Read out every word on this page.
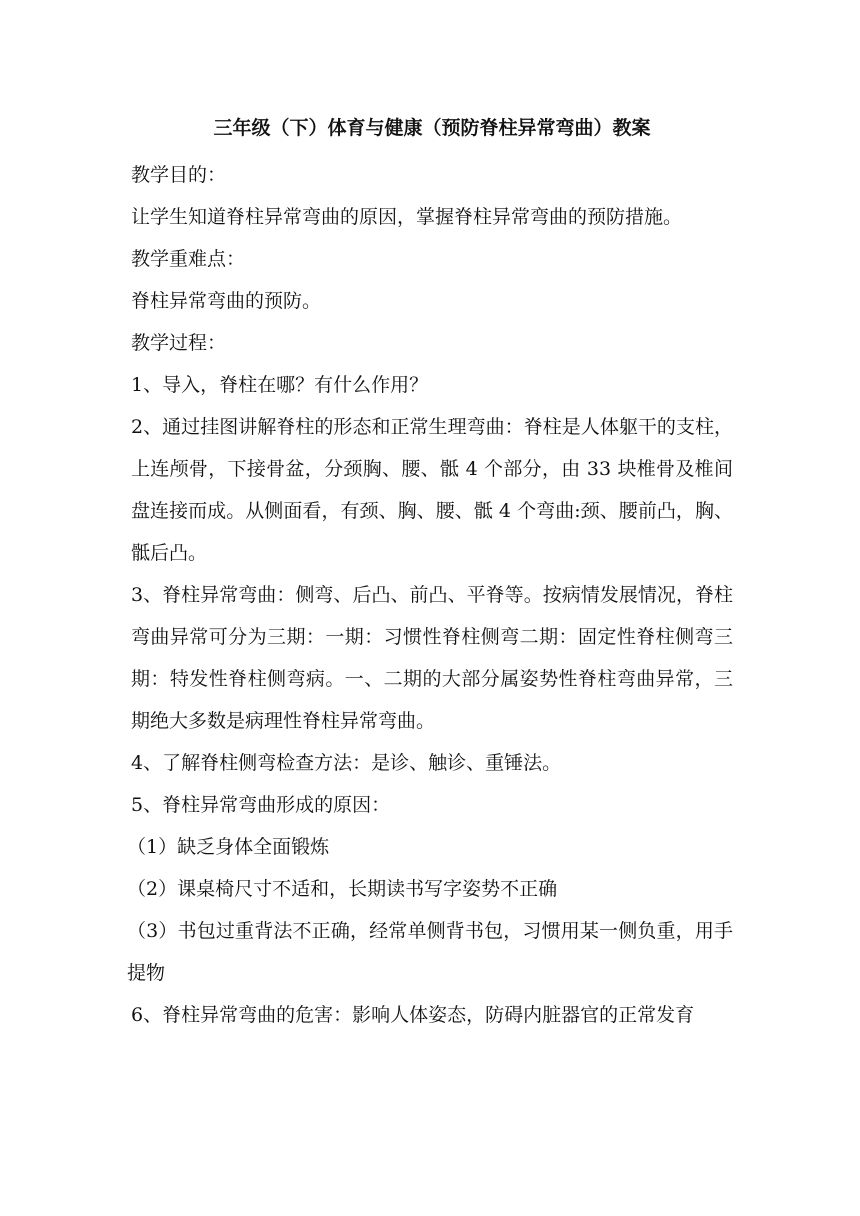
三年级（下）体育与健康（预防脊柱异常弯曲）教案

教学目的：

让学生知道脊柱异常弯曲的原因，掌握脊柱异常弯曲的预防措施。

教学重难点：

脊柱异常弯曲的预防。

教学过程：

1、导入，脊柱在哪？有什么作用？

2、通过挂图讲解脊柱的形态和正常生理弯曲：脊柱是人体躯干的支柱，上连颅骨，下接骨盆，分颈胸、腰、骶 4 个部分，由 33 块椎骨及椎间盘连接而成。从侧面看，有颈、胸、腰、骶 4 个弯曲:颈、腰前凸，胸、骶后凸。

3、脊柱异常弯曲：侧弯、后凸、前凸、平脊等。按病情发展情况，脊柱弯曲异常可分为三期：一期：习惯性脊柱侧弯二期：固定性脊柱侧弯三期：特发性脊柱侧弯病。一、二期的大部分属姿势性脊柱弯曲异常，三期绝大多数是病理性脊柱异常弯曲。

4、了解脊柱侧弯检查方法：是诊、触诊、重锤法。

5、脊柱异常弯曲形成的原因：

（1）缺乏身体全面锻炼

（2）课桌椅尺寸不适和，长期读书写字姿势不正确

（3）书包过重背法不正确，经常单侧背书包，习惯用某一侧负重，用手提物

6、脊柱异常弯曲的危害：影响人体姿态，防碍内脏器官的正常发育
